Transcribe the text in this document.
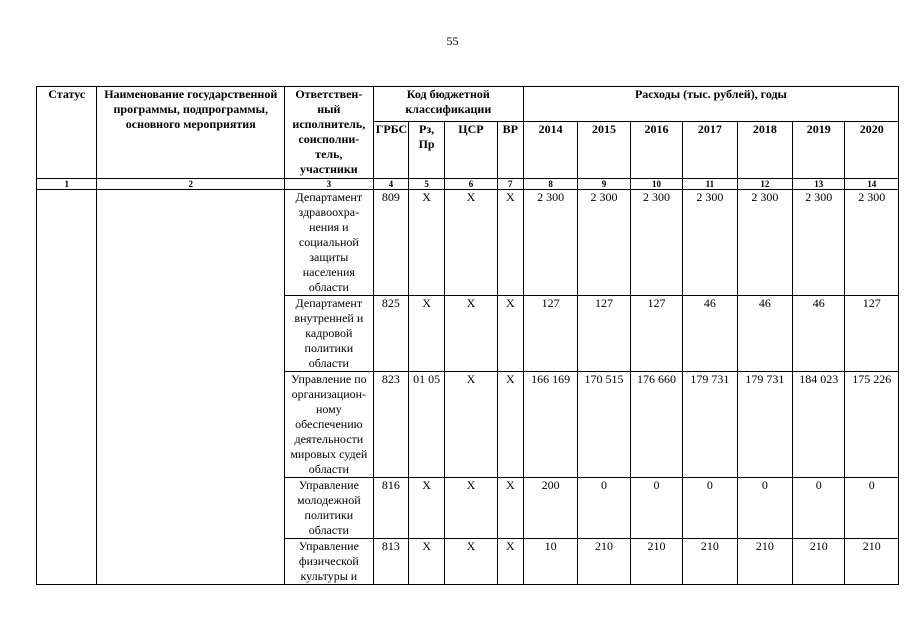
55
Статус	Наименование государственной программы, подпрограммы, основного мероприятия	Ответствен-ный исполнитель, соисполни-тель, участники	Код бюджетной классификации				Расходы (тыс. рублей), годы						
			ГРБС	Рз, Пр	ЦСР	ВР	2014	2015	2016	2017	2018	2019	2020
1	2	3	4	5	6	7	8	9	10	11	12	13	14
		Департамент здравоохра-нения и социальной защиты населения области	809	Х	Х	Х	2 300	2 300	2 300	2 300	2 300	2 300	2 300
		Департамент внутренней и кадровой политики области	825	Х	Х	Х	127	127	127	46	46	46	127
		Управление по организацион-ному обеспечению деятельности мировых судей области	823	01 05	Х	Х	166 169	170 515	176 660	179 731	179 731	184 023	175 226
		Управление молодежной политики области	816	Х	Х	Х	200	0	0	0	0	0	0
		Управление физической культуры и	813	Х	Х	Х	10	210	210	210	210	210	210
